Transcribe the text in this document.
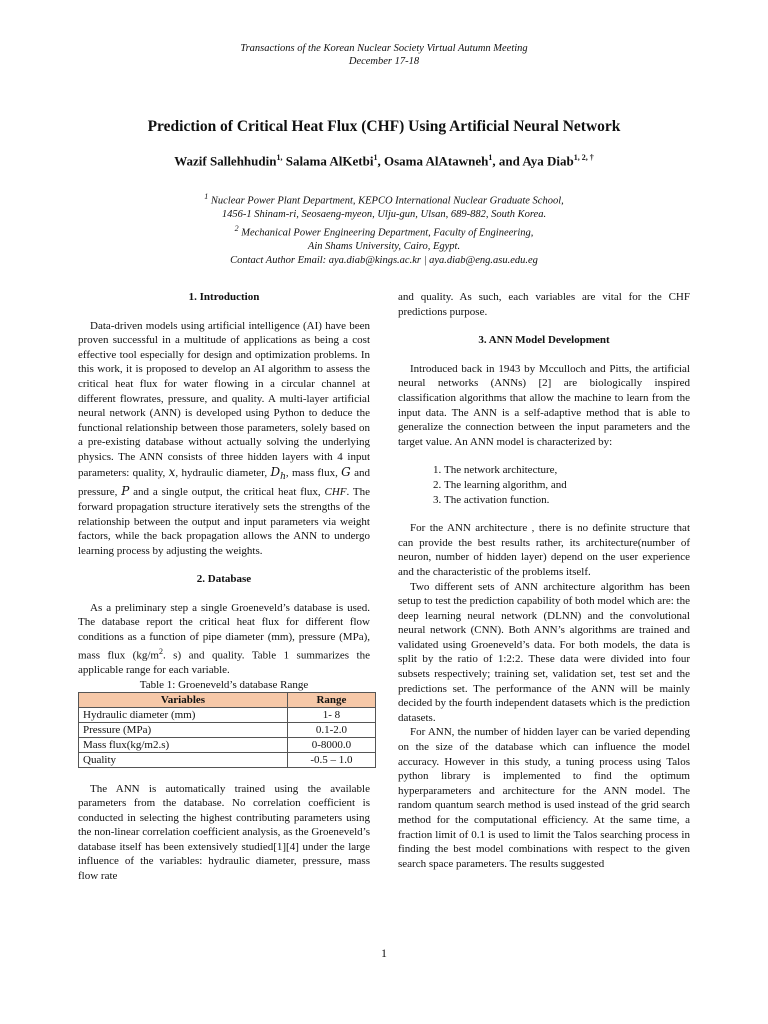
Transactions of the Korean Nuclear Society Virtual Autumn Meeting
December 17-18
Prediction of Critical Heat Flux (CHF) Using Artificial Neural Network
Wazif Sallehhudin$^{1,}$ Salama AlKetbi$^1$, Osama AlAtawneh$^1$, and Aya Diab$^{1, 2, \dagger}$
$^1$ Nuclear Power Plant Department, KEPCO International Nuclear Graduate School,
1456-1 Shinam-ri, Seosaeng-myeon, Ulju-gun, Ulsan, 689-882, South Korea.
$^2$ Mechanical Power Engineering Department, Faculty of Engineering,
Ain Shams University, Cairo, Egypt.
Contact Author Email: aya.diab@kings.ac.kr | aya.diab@eng.asu.edu.eg
1. Introduction

Data-driven models using artificial intelligence (AI) have been proven successful in a multitude of applications as being a cost effective tool especially for design and optimization problems. In this work, it is proposed to develop an AI algorithm to assess the critical heat flux for water flowing in a circular channel at different flowrates, pressure, and quality. A multi-layer artificial neural network (ANN) is developed using Python to deduce the functional relationship between those parameters, solely based on a pre-existing database without actually solving the underlying physics. The ANN consists of three hidden layers with 4 input parameters: quality, x, hydraulic diameter, $D_h$, mass flux, G and pressure, P and a single output, the critical heat flux, CHF. The forward propagation structure iteratively sets the strengths of the relationship between the output and input parameters via weight factors, while the back propagation allows the ANN to undergo learning process by adjusting the weights.

2. Database

As a preliminary step a single Groeneveld’s database is used. The database report the critical heat flux for different flow conditions as a function of pipe diameter (mm), pressure (MPa), mass flux ($kg/m^2$. s) and quality. Table 1 summarizes the applicable range for each variable.

Table 1: Groeneveld’s database Range
Variables	Range
Hydraulic diameter (mm)	1- 8
Pressure (MPa)	0.1-2.0
Mass flux(kg/m2.s)	0-8000.0
Quality	-0.5 – 1.0

The ANN is automatically trained using the available parameters from the database. No correlation coefficient is conducted in selecting the highest contributing parameters using the non-linear correlation coefficient analysis, as the Groeneveld’s database itself has been extensively studied[1][4] under the large influence of the variables: hydraulic diameter, pressure, mass flow rate

and quality. As such, each variables are vital for the CHF predictions purpose.

3. ANN Model Development

Introduced back in 1943 by Mcculloch and Pitts, the artificial neural networks (ANNs) [2] are biologically inspired classification algorithms that allow the machine to learn from the input data. The ANN is a self-adaptive method that is able to generalize the connection between the input parameters and the target value. An ANN model is characterized by:

1. The network architecture,
2. The learning algorithm, and
3. The activation function.

For the ANN architecture , there is no definite structure that can provide the best results rather, its architecture(number of neuron, number of hidden layer) depend on the user experience and the characteristic of the problems itself.

Two different sets of ANN architecture algorithm has been setup to test the prediction capability of both model which are: the deep learning neural network (DLNN) and the convolutional neural network (CNN). Both ANN’s algorithms are trained and validated using Groeneveld’s data. For both models, the data is split by the ratio of 1:2:2. These data were divided into four subsets respectively; training set, validation set, test set and the predictions set. The performance of the ANN will be mainly decided by the fourth independent datasets which is the prediction datasets.

For ANN, the number of hidden layer can be varied depending on the size of the database which can influence the model accuracy. However in this study, a tuning process using Talos python library is implemented to find the optimum hyperparameters and architecture for the ANN model. The random quantum search method is used instead of the grid search method for the computational efficiency. At the same time, a fraction limit of 0.1 is used to limit the Talos searching process in finding the best model combinations with respect to the given search space parameters. The results suggested

1
